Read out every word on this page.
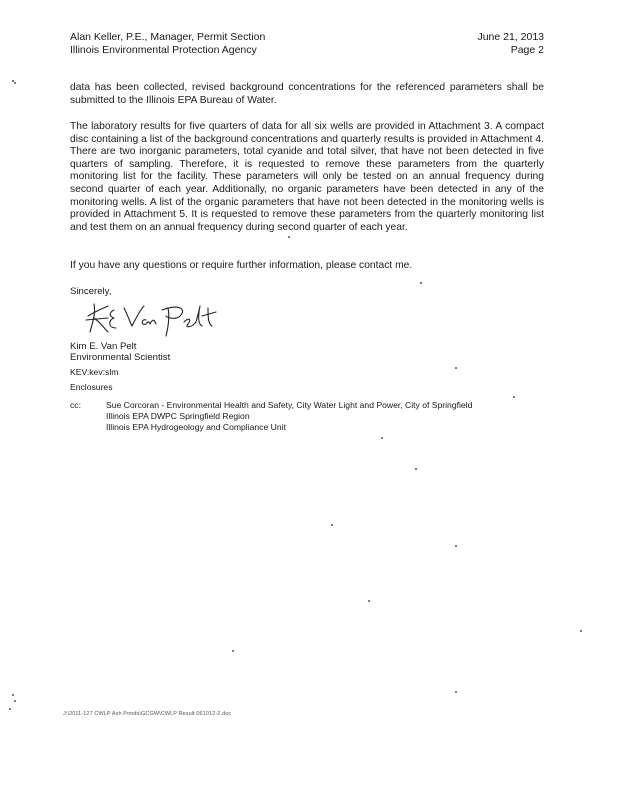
Alan Keller, P.E., Manager, Permit Section
Illinois Environmental Protection Agency
June 21, 2013
Page 2
data has been collected, revised background concentrations for the referenced parameters shall be submitted to the Illinois EPA Bureau of Water.
The laboratory results for five quarters of data for all six wells are provided in Attachment 3. A compact disc containing a list of the background concentrations and quarterly results is provided in Attachment 4. There are two inorganic parameters, total cyanide and total silver, that have not been detected in five quarters of sampling. Therefore, it is requested to remove these parameters from the quarterly monitoring list for the facility. These parameters will only be tested on an annual frequency during second quarter of each year. Additionally, no organic parameters have been detected in any of the monitoring wells. A list of the organic parameters that have not been detected in the monitoring wells is provided in Attachment 5. It is requested to remove these parameters from the quarterly monitoring list and test them on an annual frequency during second quarter of each year.
If you have any questions or require further information, please contact me.
Sincerely,
Kim E. Van Pelt
Environmental Scientist
KEV:kev:slm
Enclosures
cc:	Sue Corcoran - Environmental Health and Safety, City Water Light and Power, City of Springfield
Illinois EPA DWPC Springfield Region
Illinois EPA Hydrogeology and Compliance Unit
J:\2011-127 CWLP Ash Ponds\GCGW\CWLP Result 061012-2.doc
